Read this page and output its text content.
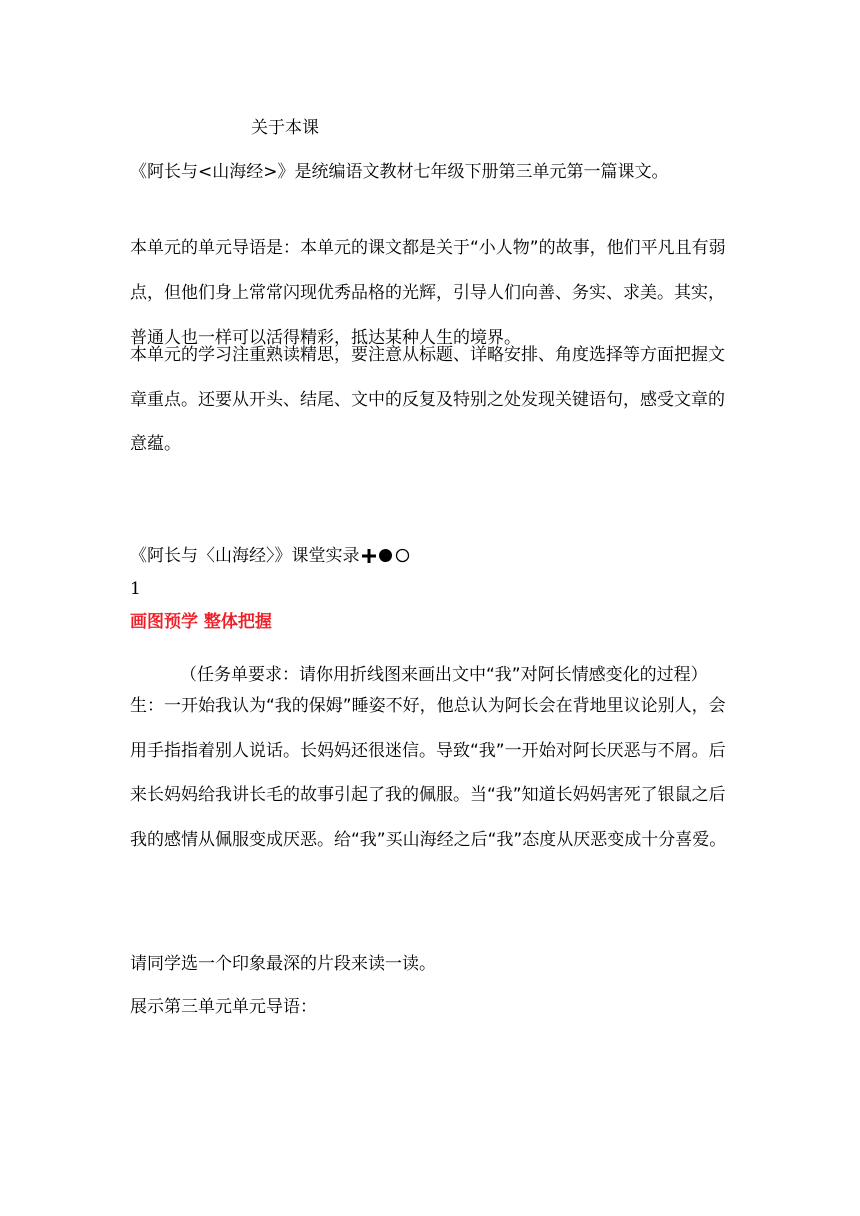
关于本课
《阿长与<山海经>》是统编语文教材七年级下册第三单元第一篇课文。
本单元的单元导语是：本单元的课文都是关于“小人物”的故事，他们平凡且有弱点，但他们身上常常闪现优秀品格的光辉，引导人们向善、务实、求美。其实，普通人也一样可以活得精彩，抵达某种人生的境界。
本单元的学习注重熟读精思，要注意从标题、详略安排、角度选择等方面把握文章重点。还要从开头、结尾、文中的反复及特别之处发现关键语句，感受文章的意蕴。
《阿长与〈山海经〉》课堂实录
1
画图预学 整体把握
（任务单要求：请你用折线图来画出文中“我”对阿长情感变化的过程）
生：一开始我认为“我的保姆”睡姿不好，他总认为阿长会在背地里议论别人，会用手指指着别人说话。长妈妈还很迷信。导致“我”一开始对阿长厌恶与不屑。后来长妈妈给我讲长毛的故事引起了我的佩服。当“我”知道长妈妈害死了银鼠之后我的感情从佩服变成厌恶。给“我”买山海经之后“我”态度从厌恶变成十分喜爱。
请同学选一个印象最深的片段来读一读。
展示第三单元单元导语：
